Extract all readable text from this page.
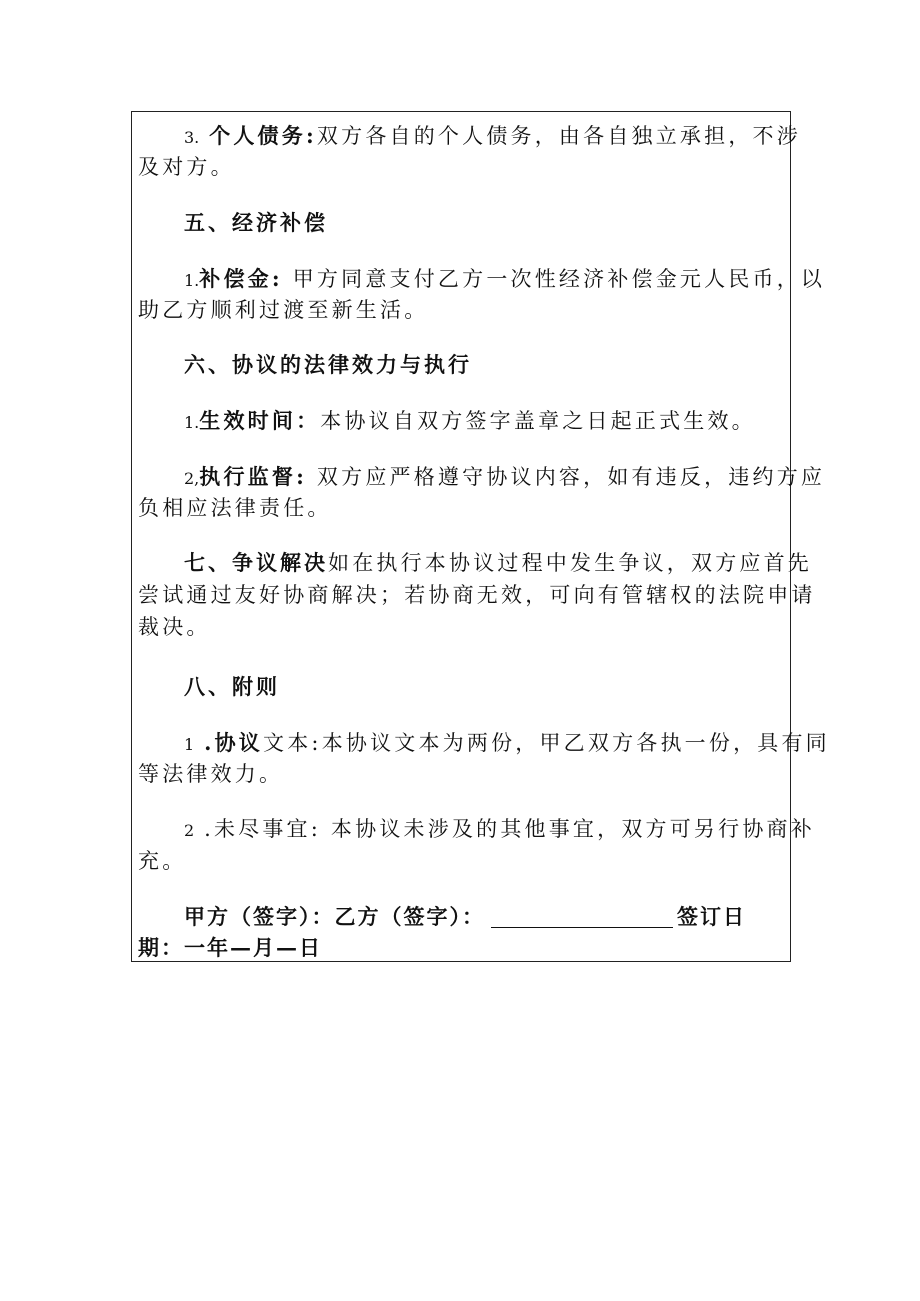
3. 个人债务:双方各自的个人债务，由各自独立承担，不涉
及对方。
五、经济补偿
1.补偿金: 甲方同意支付乙方一次性经济补偿金元人民币，以
助乙方顺利过渡至新生活。
六、协议的法律效力与执行
1.生效时间：本协议自双方签字盖章之日起正式生效。
2,执行监督: 双方应严格遵守协议内容，如有违反，违约方应
负相应法律责任。
七、争议解决如在执行本协议过程中发生争议，双方应首先
尝试通过友好协商解决；若协商无效，可向有管辖权的法院申请
裁决。
八、附则
1 .协议文本:本协议文本为两份，甲乙双方各执一份，具有同
等法律效力。
2 .未尽事宜: 本协议未涉及的其他事宜，双方可另行协商补
充。
甲方（签字）：乙方（签字）：	签订日
期：一年—月—日
